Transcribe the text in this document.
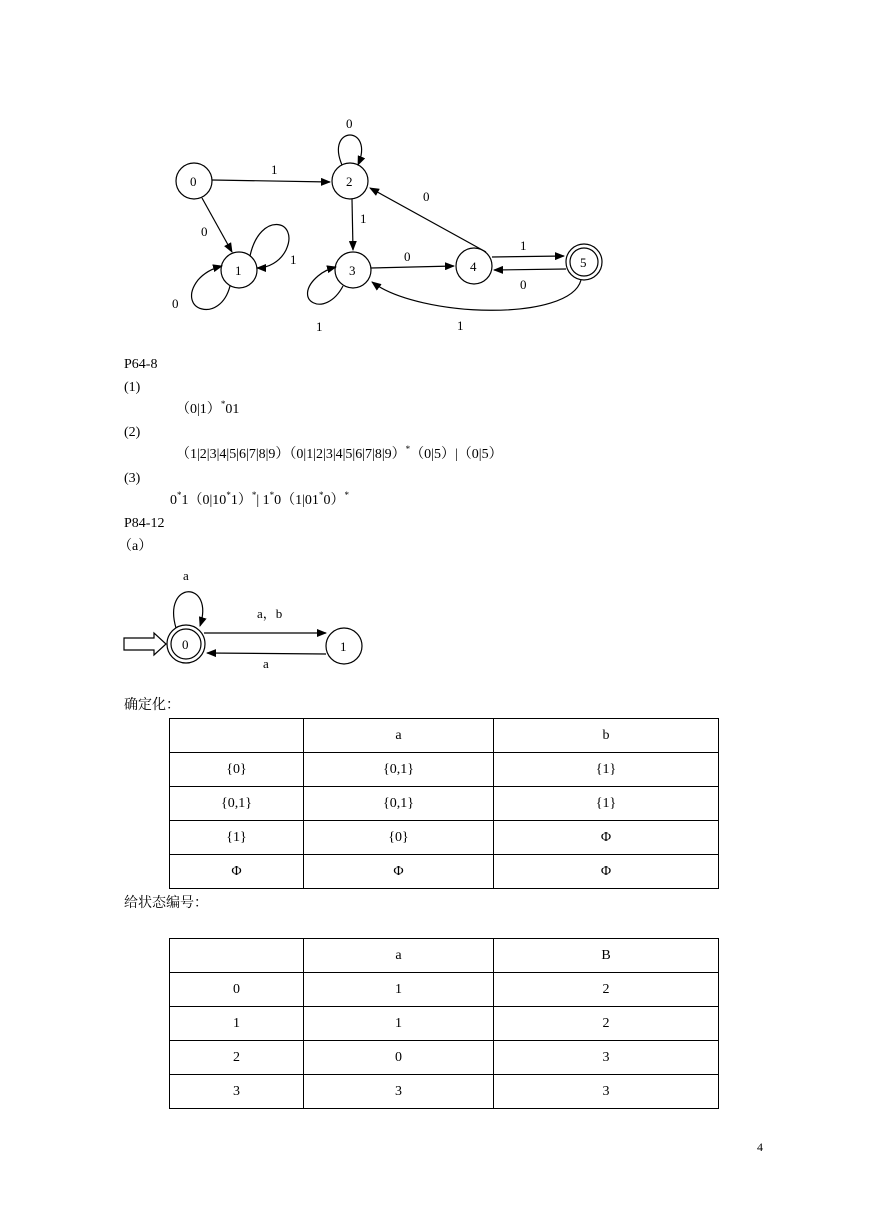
0
1
2
3	4	5
1
0
1
0
0
1
1
0
0
1
0
1
P64-8
(1)
（0|1）*01
(2)
（1|2|3|4|5|6|7|8|9）（0|1|2|3|4|5|6|7|8|9）*（0|5）|（0|5）
(3)
0*1（0|10*1）*| 1*0（1|01*0）*
P84-12
（a）
0	1
a
a，b
a
确定化：
	a	b
{0}	{0,1}	{1}
{0,1}	{0,1}	{1}
{1}	{0}	Φ
Φ	Φ	Φ
给状态编号：
	a	B
0	1	2
1	1	2
2	0	3
3	3	3
4
